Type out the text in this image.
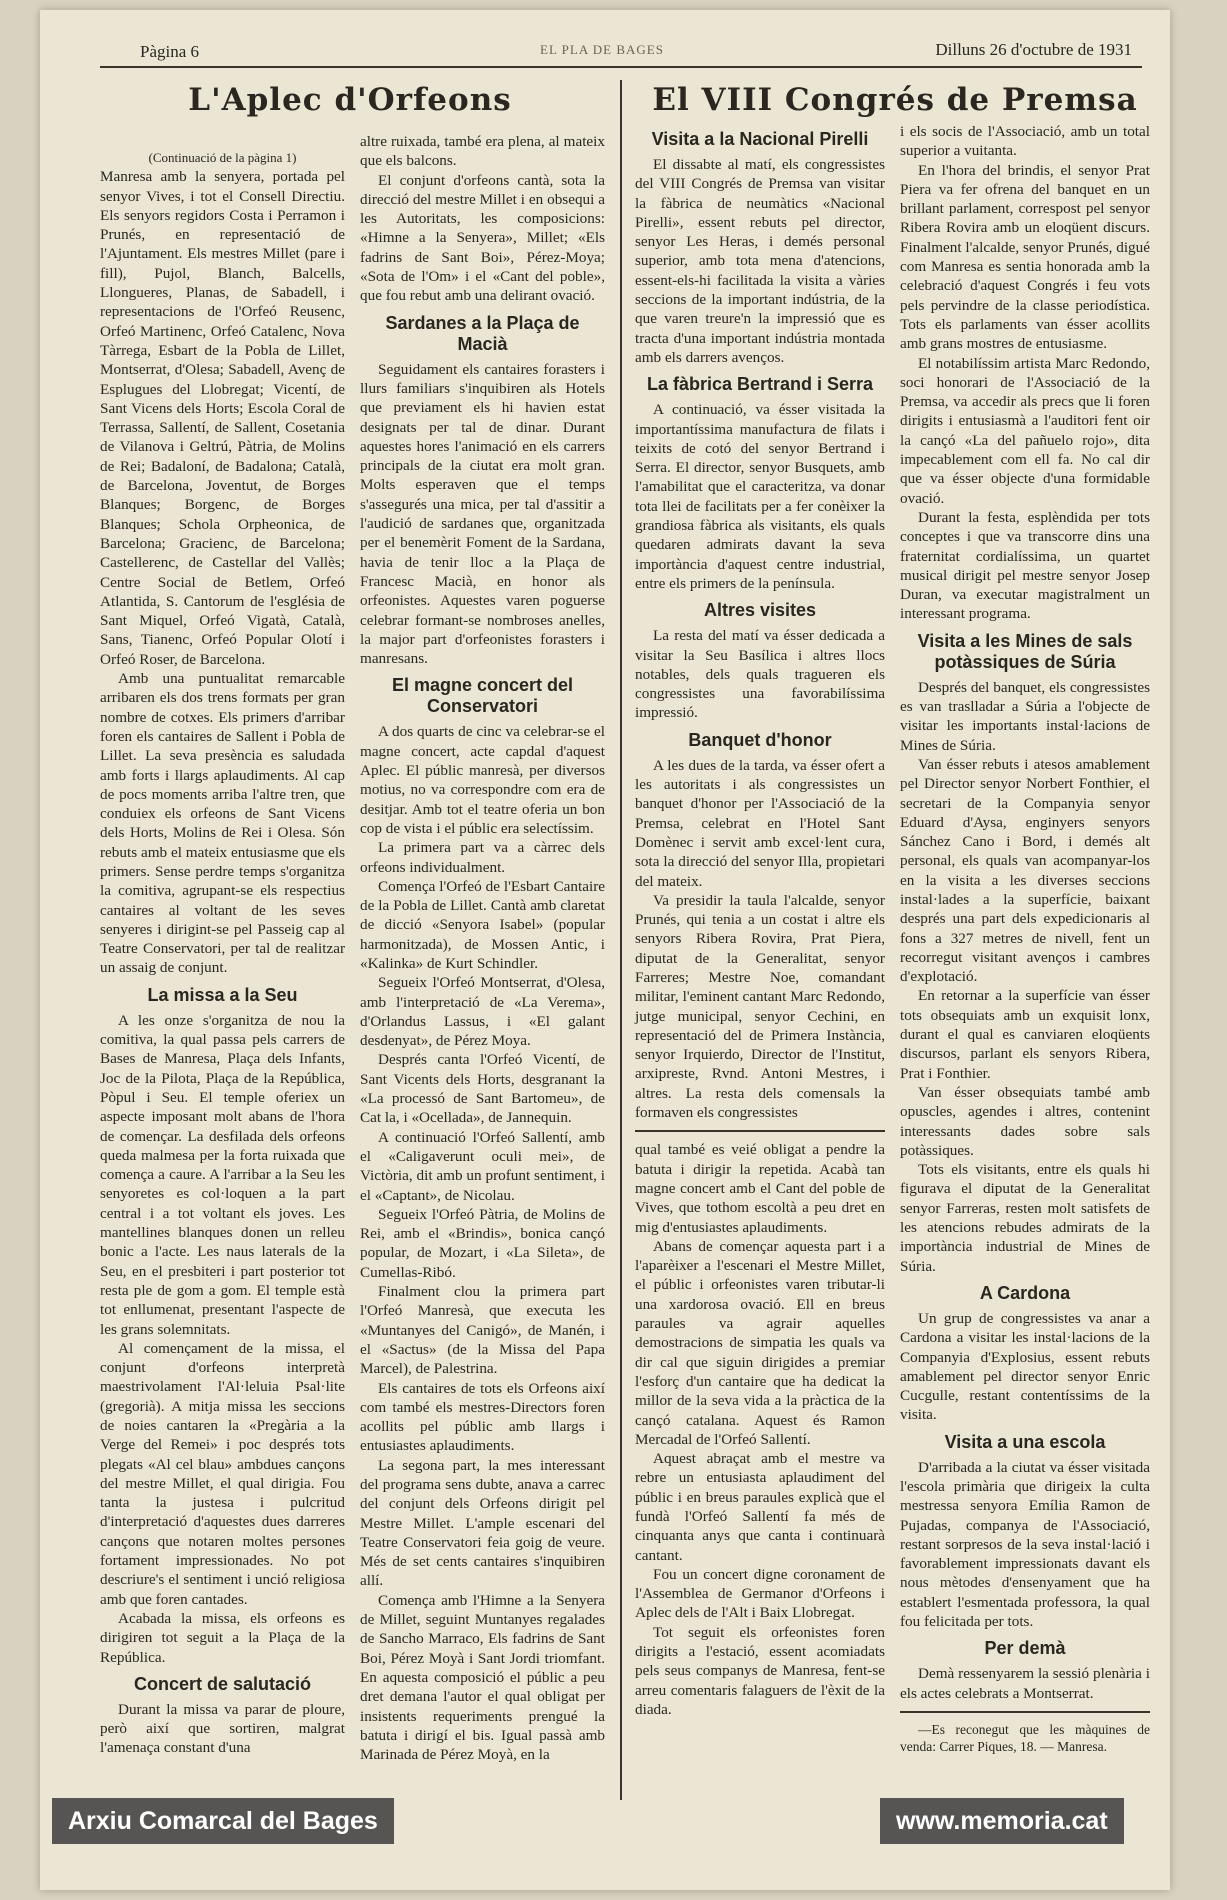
Pàgina 6	EL PLA DE BAGES	Dilluns 26 d'octubre de 1931
L'Aplec d'Orfeons	El VIII Congrés de Premsa

(Continuació de la pàgina 1)

Manresa amb la senyera, portada pel senyor Vives, i tot el Consell Directiu. Els senyors regidors Costa i Perramon i Prunés, en representació de l'Ajuntament. Els mestres Millet (pare i fill), Pujol, Blanch, Balcells, Llongueres, Planas, de Sabadell, i representacions de l'Orfeó Reusenc, Orfeó Martinenc, Orfeó Catalenc, Nova Tàrrega, Esbart de la Pobla de Lillet, Montserrat, d'Olesa; Sabadell, Avenç de Esplugues del Llobregat; Vicentí, de Sant Vicens dels Horts; Escola Coral de Terrassa, Sallentí, de Sallent, Cosetania de Vilanova i Geltrú, Pàtria, de Molins de Rei; Badaloní, de Badalona; Català, de Barcelona, Joventut, de Borges Blanques; Borgenc, de Borges Blanques; Schola Orpheonica, de Barcelona; Gracienc, de Barcelona; Castellerenc, de Castellar del Vallès; Centre Social de Betlem, Orfeó Atlantida, S. Cantorum de l'església de Sant Miquel, Orfeó Vigatà, Català, Sans, Tianenc, Orfeó Popular Olotí i Orfeó Roser, de Barcelona.

Amb una puntualitat remarcable arribaren els dos trens formats per gran nombre de cotxes. Els primers d'arribar foren els cantaires de Sallent i Pobla de Lillet. La seva presència es saludada amb forts i llargs aplaudiments. Al cap de pocs moments arriba l'altre tren, que conduiex els orfeons de Sant Vicens dels Horts, Molins de Rei i Olesa. Són rebuts amb el mateix entusiasme que els primers. Sense perdre temps s'organitza la comitiva, agrupant-se els respectius cantaires al voltant de les seves senyeres i dirigint-se pel Passeig cap al Teatre Conservatori, per tal de realitzar un assaig de conjunt.

La missa a la Seu

A les onze s'organitza de nou la comitiva, la qual passa pels carrers de Bases de Manresa, Plaça dels Infants, Joc de la Pilota, Plaça de la República, Pòpul i Seu. El temple oferiex un aspecte imposant molt abans de l'hora de començar. La desfilada dels orfeons queda malmesa per la forta ruixada que comença a caure. A l'arribar a la Seu les senyoretes es col·loquen a la part central i a tot voltant els joves. Les mantellines blanques donen un relleu bonic a l'acte. Les naus laterals de la Seu, en el presbiteri i part posterior tot resta ple de gom a gom. El temple està tot enllumenat, presentant l'aspecte de les grans solemnitats.

Al començament de la missa, el conjunt d'orfeons interpretà maestrivolament l'Al·leluia Psal·lite (gregorià). A mitja missa les seccions de noies cantaren la «Pregària a la Verge del Remei» i poc després tots plegats «Al cel blau» ambdues cançons del mestre Millet, el qual dirigia. Fou tanta la justesa i pulcritud d'interpretació d'aquestes dues darreres cançons que notaren moltes persones fortament impressionades. No pot descriure's el sentiment i unció religiosa amb que foren cantades.

Acabada la missa, els orfeons es dirigiren tot seguit a la Plaça de la República.

Concert de salutació

Durant la missa va parar de ploure, però així que sortiren, malgrat l'amenaça constant d'una

altre ruixada, també era plena, al mateix que els balcons.

El conjunt d'orfeons cantà, sota la direcció del mestre Millet i en obsequi a les Autoritats, les composicions: «Himne a la Senyera», Millet; «Els fadrins de Sant Boi», Pérez-Moya; «Sota de l'Om» i el «Cant del poble», que fou rebut amb una delirant ovació.

Sardanes a la Plaça de Macià

Seguidament els cantaires forasters i llurs familiars s'inquibiren als Hotels que previament els hi havien estat designats per tal de dinar. Durant aquestes hores l'animació en els carrers principals de la ciutat era molt gran. Molts esperaven que el temps s'assegurés una mica, per tal d'assitir a l'audició de sardanes que, organitzada per el benemèrit Foment de la Sardana, havia de tenir lloc a la Plaça de Francesc Macià, en honor als orfeonistes. Aquestes varen poguerse celebrar formant-se nombroses anelles, la major part d'orfeonistes forasters i manresans.

El magne concert del Conservatori

A dos quarts de cinc va celebrar-se el magne concert, acte capdal d'aquest Aplec. El públic manresà, per diversos motius, no va correspondre com era de desitjar. Amb tot el teatre oferia un bon cop de vista i el públic era selectíssim.

La primera part va a càrrec dels orfeons individualment.

Comença l'Orfeó de l'Esbart Cantaire de la Pobla de Lillet. Cantà amb claretat de dicció «Senyora Isabel» (popular harmonitzada), de Mossen Antic, i «Kalinka» de Kurt Schindler.

Segueix l'Orfeó Montserrat, d'Olesa, amb l'interpretació de «La Verema», d'Orlandus Lassus, i «El galant desdenyat», de Pérez Moya.

Després canta l'Orfeó Vicentí, de Sant Vicents dels Horts, desgranant la «La processó de Sant Bartomeu», de Cat la, i «Ocellada», de Jannequin.

A continuació l'Orfeó Sallentí, amb el «Caligaverunt oculi mei», de Victòria, dit amb un profunt sentiment, i el «Captant», de Nicolau.

Segueix l'Orfeó Pàtria, de Molins de Rei, amb el «Brindis», bonica cançó popular, de Mozart, i «La Sileta», de Cumellas-Ribó.

Finalment clou la primera part l'Orfeó Manresà, que executa les «Muntanyes del Canigó», de Manén, i el «Sactus» (de la Missa del Papa Marcel), de Palestrina.

Els cantaires de tots els Orfeons així com també els mestres-Directors foren acollits pel públic amb llargs i entusiastes aplaudiments.

La segona part, la mes interessant del programa sens dubte, anava a carrec del conjunt dels Orfeons dirigit pel Mestre Millet. L'ample escenari del Teatre Conservatori feia goig de veure. Més de set cents cantaires s'inquibiren allí.

Comença amb l'Himne a la Senyera de Millet, seguint Muntanyes regalades de Sancho Marraco, Els fadrins de Sant Boi, Pérez Moyà i Sant Jordi triomfant. En aquesta composició el públic a peu dret demana l'autor el qual obligat per insistents requeriments prengué la batuta i dirigí el bis. Igual passà amb Marinada de Pérez Moyà, en la

Visita a la Nacional Pirelli

El dissabte al matí, els congressistes del VIII Congrés de Premsa van visitar la fàbrica de neumàtics «Nacional Pirelli», essent rebuts pel director, senyor Les Heras, i demés personal superior, amb tota mena d'atencions, essent-els-hi facilitada la visita a vàries seccions de la important indústria, de la que varen treure'n la impressió que es tracta d'una important indústria montada amb els darrers avenços.

La fàbrica Bertrand i Serra

A continuació, va ésser visitada la importantíssima manufactura de filats i teixits de cotó del senyor Bertrand i Serra. El director, senyor Busquets, amb l'amabilitat que el caracteritza, va donar tota llei de facilitats per a fer conèixer la grandiosa fàbrica als visitants, els quals quedaren admirats davant la seva importància d'aquest centre industrial, entre els primers de la península.

Altres visites

La resta del matí va ésser dedicada a visitar la Seu Basílica i altres llocs notables, dels quals tragueren els congressistes una favorabilíssima impressió.

Banquet d'honor

A les dues de la tarda, va ésser ofert a les autoritats i als congressistes un banquet d'honor per l'Associació de la Premsa, celebrat en l'Hotel Sant Domènec i servit amb excel·lent cura, sota la direcció del senyor Illa, propietari del mateix.

Va presidir la taula l'alcalde, senyor Prunés, qui tenia a un costat i altre els senyors Ribera Rovira, Prat Piera, diputat de la Generalitat, senyor Farreres; Mestre Noe, comandant militar, l'eminent cantant Marc Redondo, jutge municipal, senyor Cechini, en representació del de Primera Instància, senyor Irquierdo, Director de l'Institut, arxipreste, Rvnd. Antoni Mestres, i altres. La resta dels comensals la formaven els congressistes

qual també es veié obligat a pendre la batuta i dirigir la repetida. Acabà tan magne concert amb el Cant del poble de Vives, que tothom escoltà a peu dret en mig d'entusiastes aplaudiments.

Abans de començar aquesta part i a l'aparèixer a l'escenari el Mestre Millet, el públic i orfeonistes varen tributar-li una xardorosa ovació. Ell en breus paraules va agrair aquelles demostracions de simpatia les quals va dir cal que siguin dirigides a premiar l'esforç d'un cantaire que ha dedicat la millor de la seva vida a la pràctica de la cançó catalana. Aquest és Ramon Mercadal de l'Orfeó Sallentí.

Aquest abraçat amb el mestre va rebre un entusiasta aplaudiment del públic i en breus paraules explicà que el fundà l'Orfeó Sallentí fa més de cinquanta anys que canta i continuarà cantant.

Fou un concert digne coronament de l'Assemblea de Germanor d'Orfeons i Aplec dels de l'Alt i Baix Llobregat.

Tot seguit els orfeonistes foren dirigits a l'estació, essent acomiadats pels seus companys de Manresa, fent-se arreu comentaris falaguers de l'èxit de la diada.

i els socis de l'Associació, amb un total superior a vuitanta.

En l'hora del brindis, el senyor Prat Piera va fer ofrena del banquet en un brillant parlament, correspost pel senyor Ribera Rovira amb un eloqüent discurs. Finalment l'alcalde, senyor Prunés, digué com Manresa es sentia honorada amb la celebració d'aquest Congrés i feu vots pels pervindre de la classe periodística. Tots els parlaments van ésser acollits amb grans mostres de entusiasme.

El notabilíssim artista Marc Redondo, soci honorari de l'Associació de la Premsa, va accedir als precs que li foren dirigits i entusiasmà a l'auditori fent oir la cançó «La del pañuelo rojo», dita impecablement com ell fa. No cal dir que va ésser objecte d'una formidable ovació.

Durant la festa, esplèndida per tots conceptes i que va transcorre dins una fraternitat cordialíssima, un quartet musical dirigit pel mestre senyor Josep Duran, va executar magistralment un interessant programa.

Visita a les Mines de sals potàssiques de Súria

Després del banquet, els congressistes es van traslladar a Súria a l'objecte de visitar les importants instal·lacions de Mines de Súria.

Van ésser rebuts i atesos amablement pel Director senyor Norbert Fonthier, el secretari de la Companyia senyor Eduard d'Aysa, enginyers senyors Sánchez Cano i Bord, i demés alt personal, els quals van acompanyar-los en la visita a les diverses seccions instal·lades a la superfície, baixant després una part dels expedicionaris al fons a 327 metres de nivell, fent un recorregut visitant avenços i cambres d'explotació.

En retornar a la superfície van ésser tots obsequiats amb un exquisit lonx, durant el qual es canviaren eloqüents discursos, parlant els senyors Ribera, Prat i Fonthier.

Van ésser obsequiats també amb opuscles, agendes i altres, contenint interessants dades sobre sals potàssiques.

Tots els visitants, entre els quals hi figurava el diputat de la Generalitat senyor Farreras, resten molt satisfets de les atencions rebudes admirats de la importància industrial de Mines de Súria.

A Cardona

Un grup de congressistes va anar a Cardona a visitar les instal·lacions de la Companyia d'Explosius, essent rebuts amablement pel director senyor Enric Cucgulle, restant contentíssims de la visita.

Visita a una escola

D'arribada a la ciutat va ésser visitada l'escola primària que dirigeix la culta mestressa senyora Emília Ramon de Pujadas, companya de l'Associació, restant sorpresos de la seva instal·lació i favorablement impressionats davant els nous mètodes d'ensenyament que ha establert l'esmentada professora, la qual fou felicitada per tots.

Per demà

Demà ressenyarem la sessió plenària i els actes celebrats a Montserrat.

—Es reconegut que les màquines de venda: Carrer Piques, 18. — Manresa.

Arxiu Comarcal del Bages	www.memoria.cat
